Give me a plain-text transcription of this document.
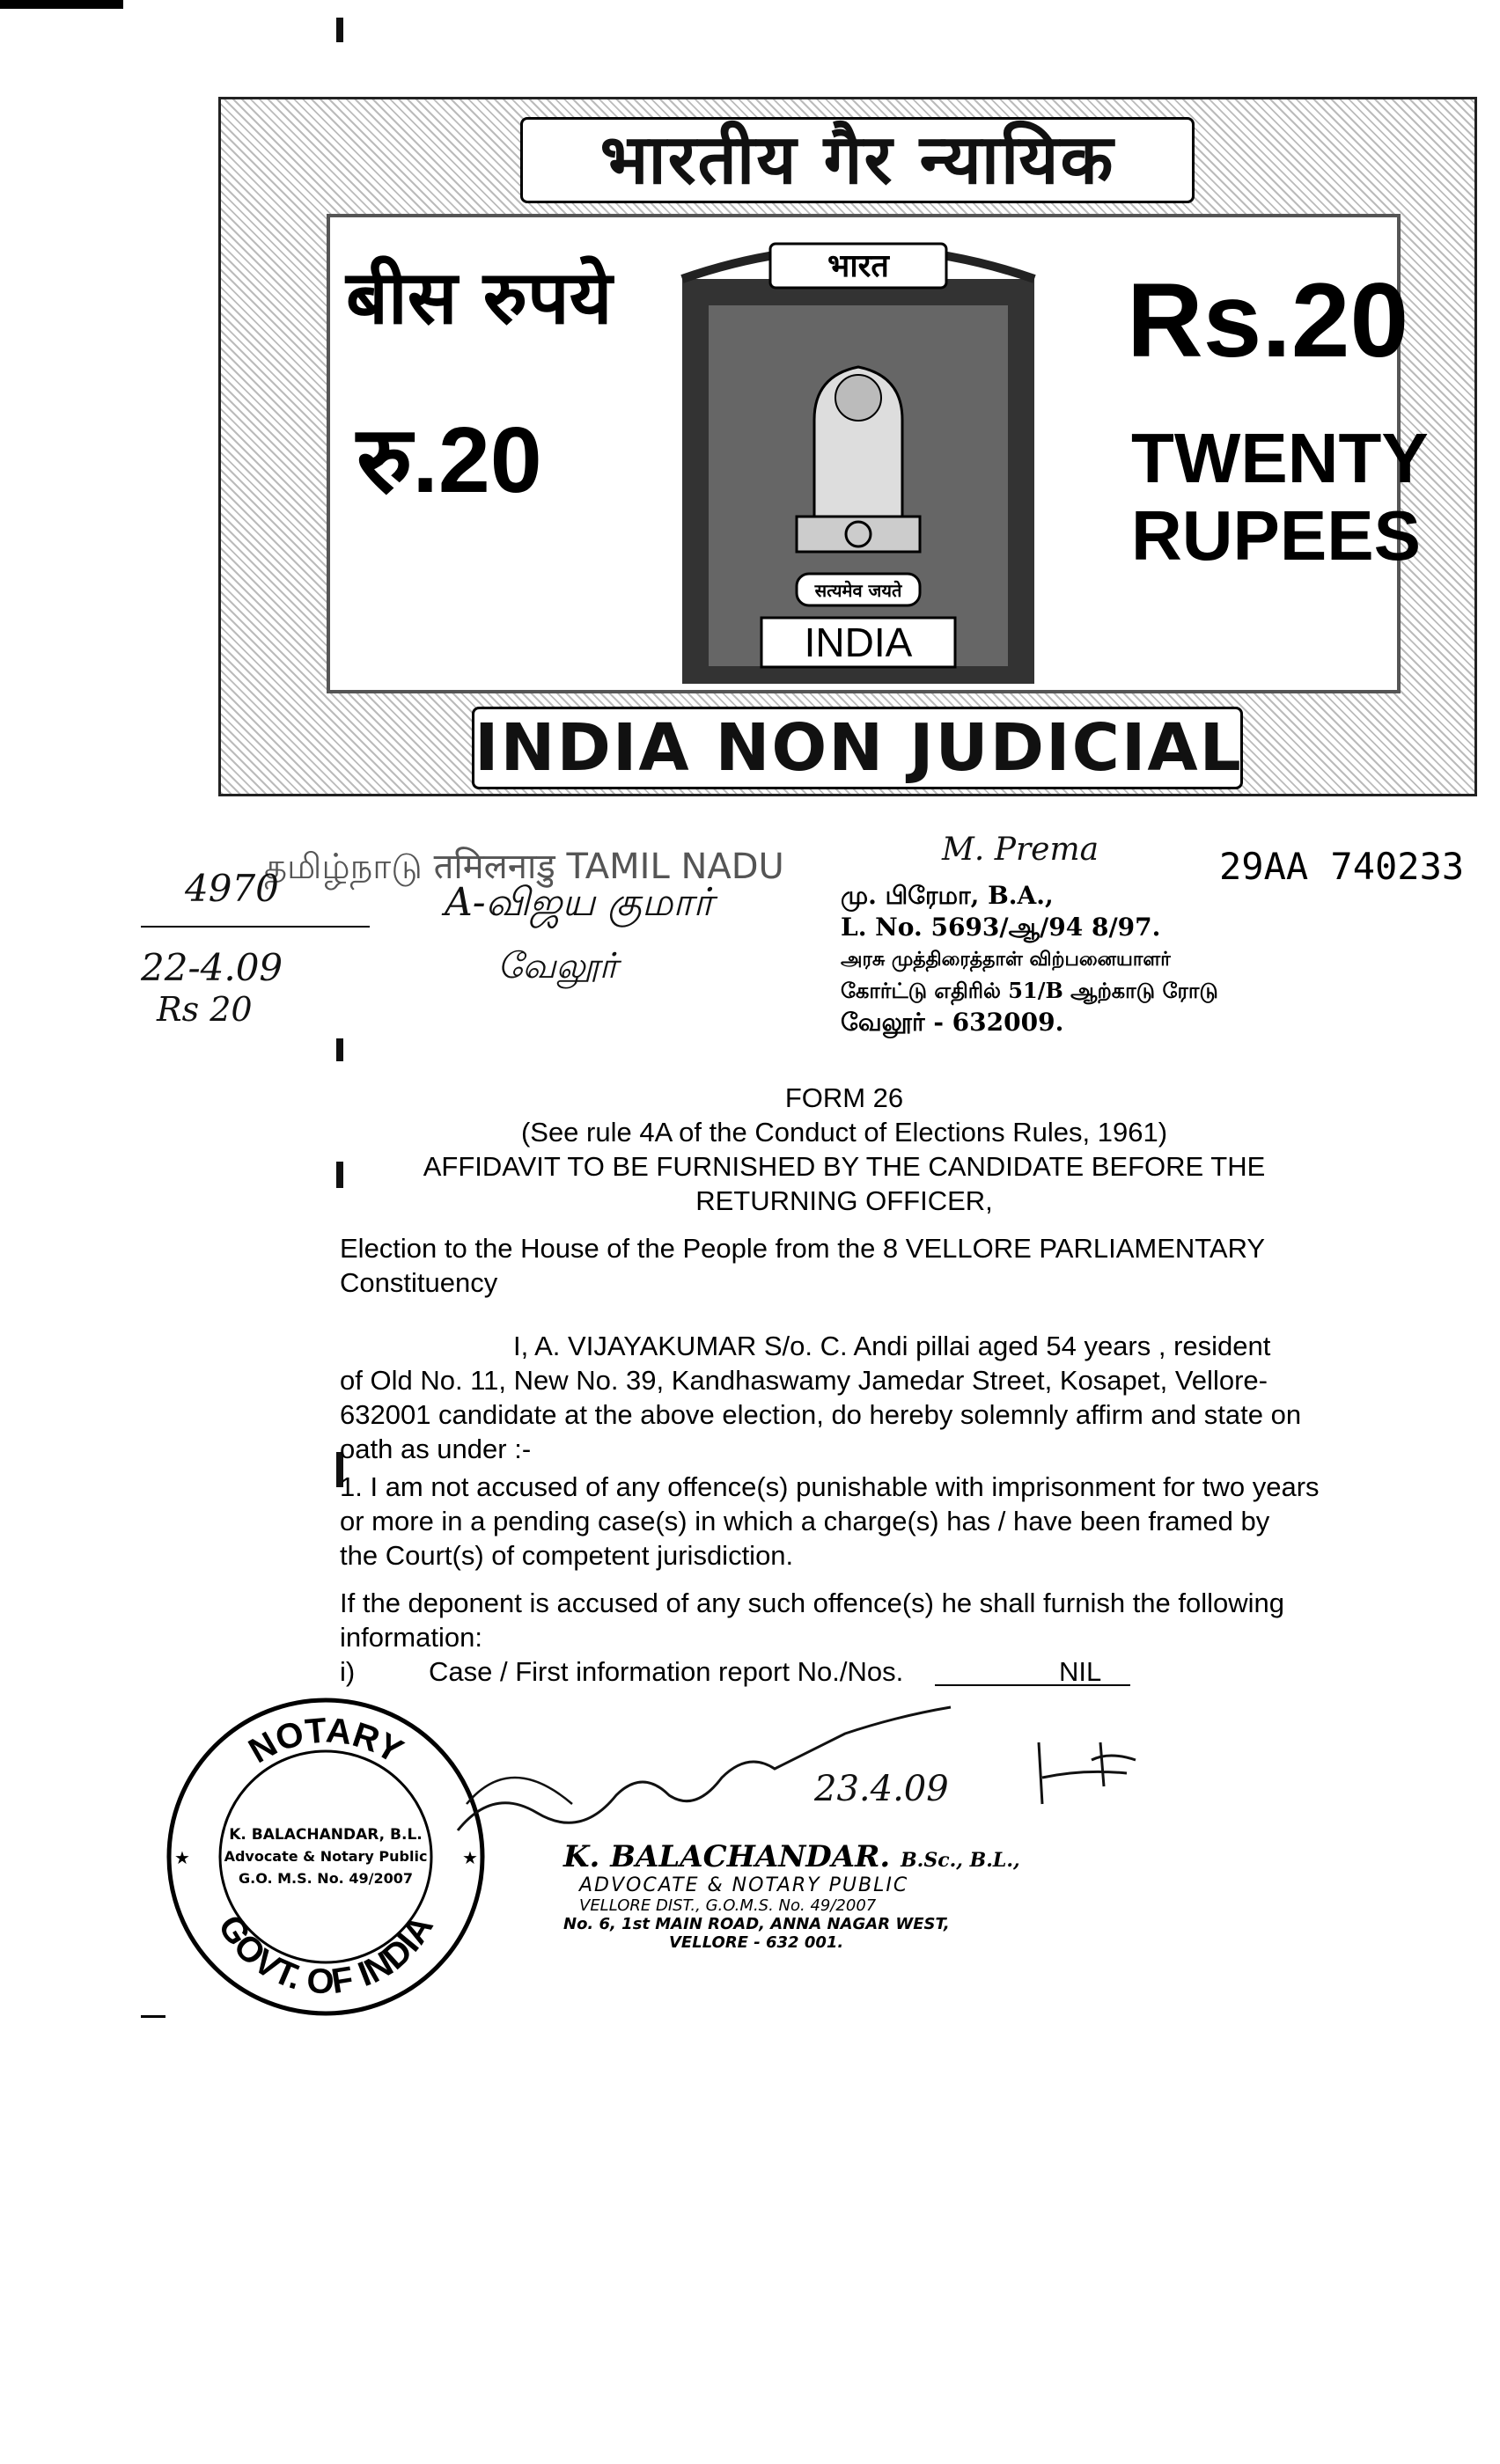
भारतीय गैर न्यायिक
बीस रुपये
रु.20
भारत
सत्यमेव जयते
INDIA
Rs.20
TWENTY
RUPEES
INDIA NON JUDICIAL
தமிழ்நாடு तमिलनाडु TAMIL NADU	29AA 740233
M. Prema
மு. பிரேமா, B.A.,
L. No. 5693/ஆ/94 8/97.
அரசு முத்திரைத்தாள் விற்பனையாளர்
கோர்ட்டு எதிரில் 51/B ஆற்காடு ரோடு
வேலூர் - 632009.
4970
22-4.09
Rs 20
A-விஜய குமார்
வேலூர்
FORM 26
(See rule 4A of the Conduct of Elections Rules, 1961)
AFFIDAVIT TO BE FURNISHED BY THE CANDIDATE BEFORE THE
RETURNING OFFICER,
Election to the House of the People from the 8 VELLORE PARLIAMENTARY
Constituency
I, A. VIJAYAKUMAR S/o. C. Andi pillai aged 54 years , resident
of Old No. 11, New No. 39, Kandhaswamy Jamedar Street, Kosapet, Vellore-
632001 candidate at the above election, do hereby solemnly affirm and state on
oath as under :-
1. I am not accused of any offence(s) punishable with imprisonment for two years
or more in a pending case(s) in which a charge(s) has / have been framed by
the Court(s) of competent jurisdiction.
If the deponent is accused of any such offence(s) he shall furnish the following
information:
i)	Case / First information report No./Nos.	NIL
NOTARY
GOVT. OF INDIA
K. BALACHANDAR, B.L.
Advocate & Notary Public
G.O. M.S. No. 49/2007
★	★
23.4.09
K. BALACHANDAR. B.Sc., B.L.,
ADVOCATE & NOTARY PUBLIC
VELLORE DIST., G.O.M.S. No. 49/2007
No. 6, 1st MAIN ROAD, ANNA NAGAR WEST,
VELLORE - 632 001.
